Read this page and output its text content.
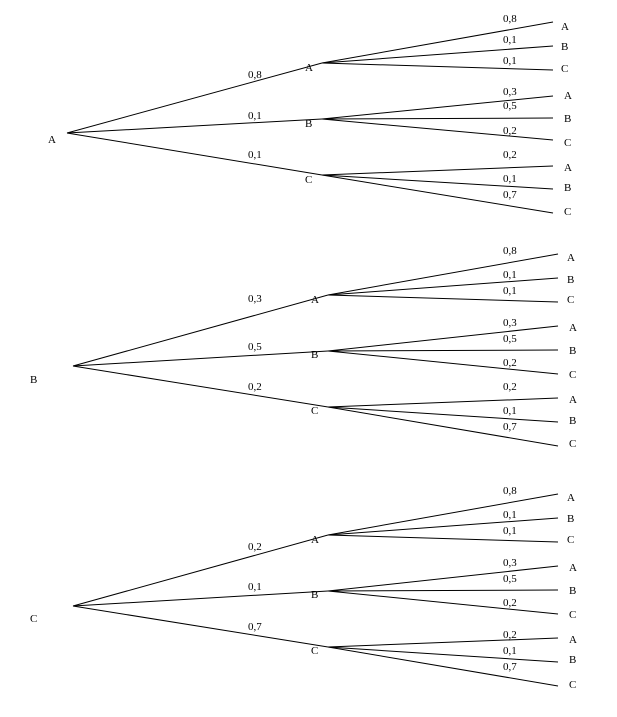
0,8
0,8
A
0,1
B
0,1
C
A
0,1
0,3	A
0,5
B
0,2
C
B
0,1	0,2
A
0,1
B
0,7
C
C
A
0,3
0,8
A
0,1	B
0,1
C
A
0,5
0,3	A
0,5
B
0,2
C
B
0,2	0,2
A
0,1
B
0,7
C
C
B
0,2
0,8
A
0,1	B
0,1
C
A
0,1
0,3	A
0,5
B
0,2
C
B
0,7
0,2	A
0,1
B
0,7
C
C
C
